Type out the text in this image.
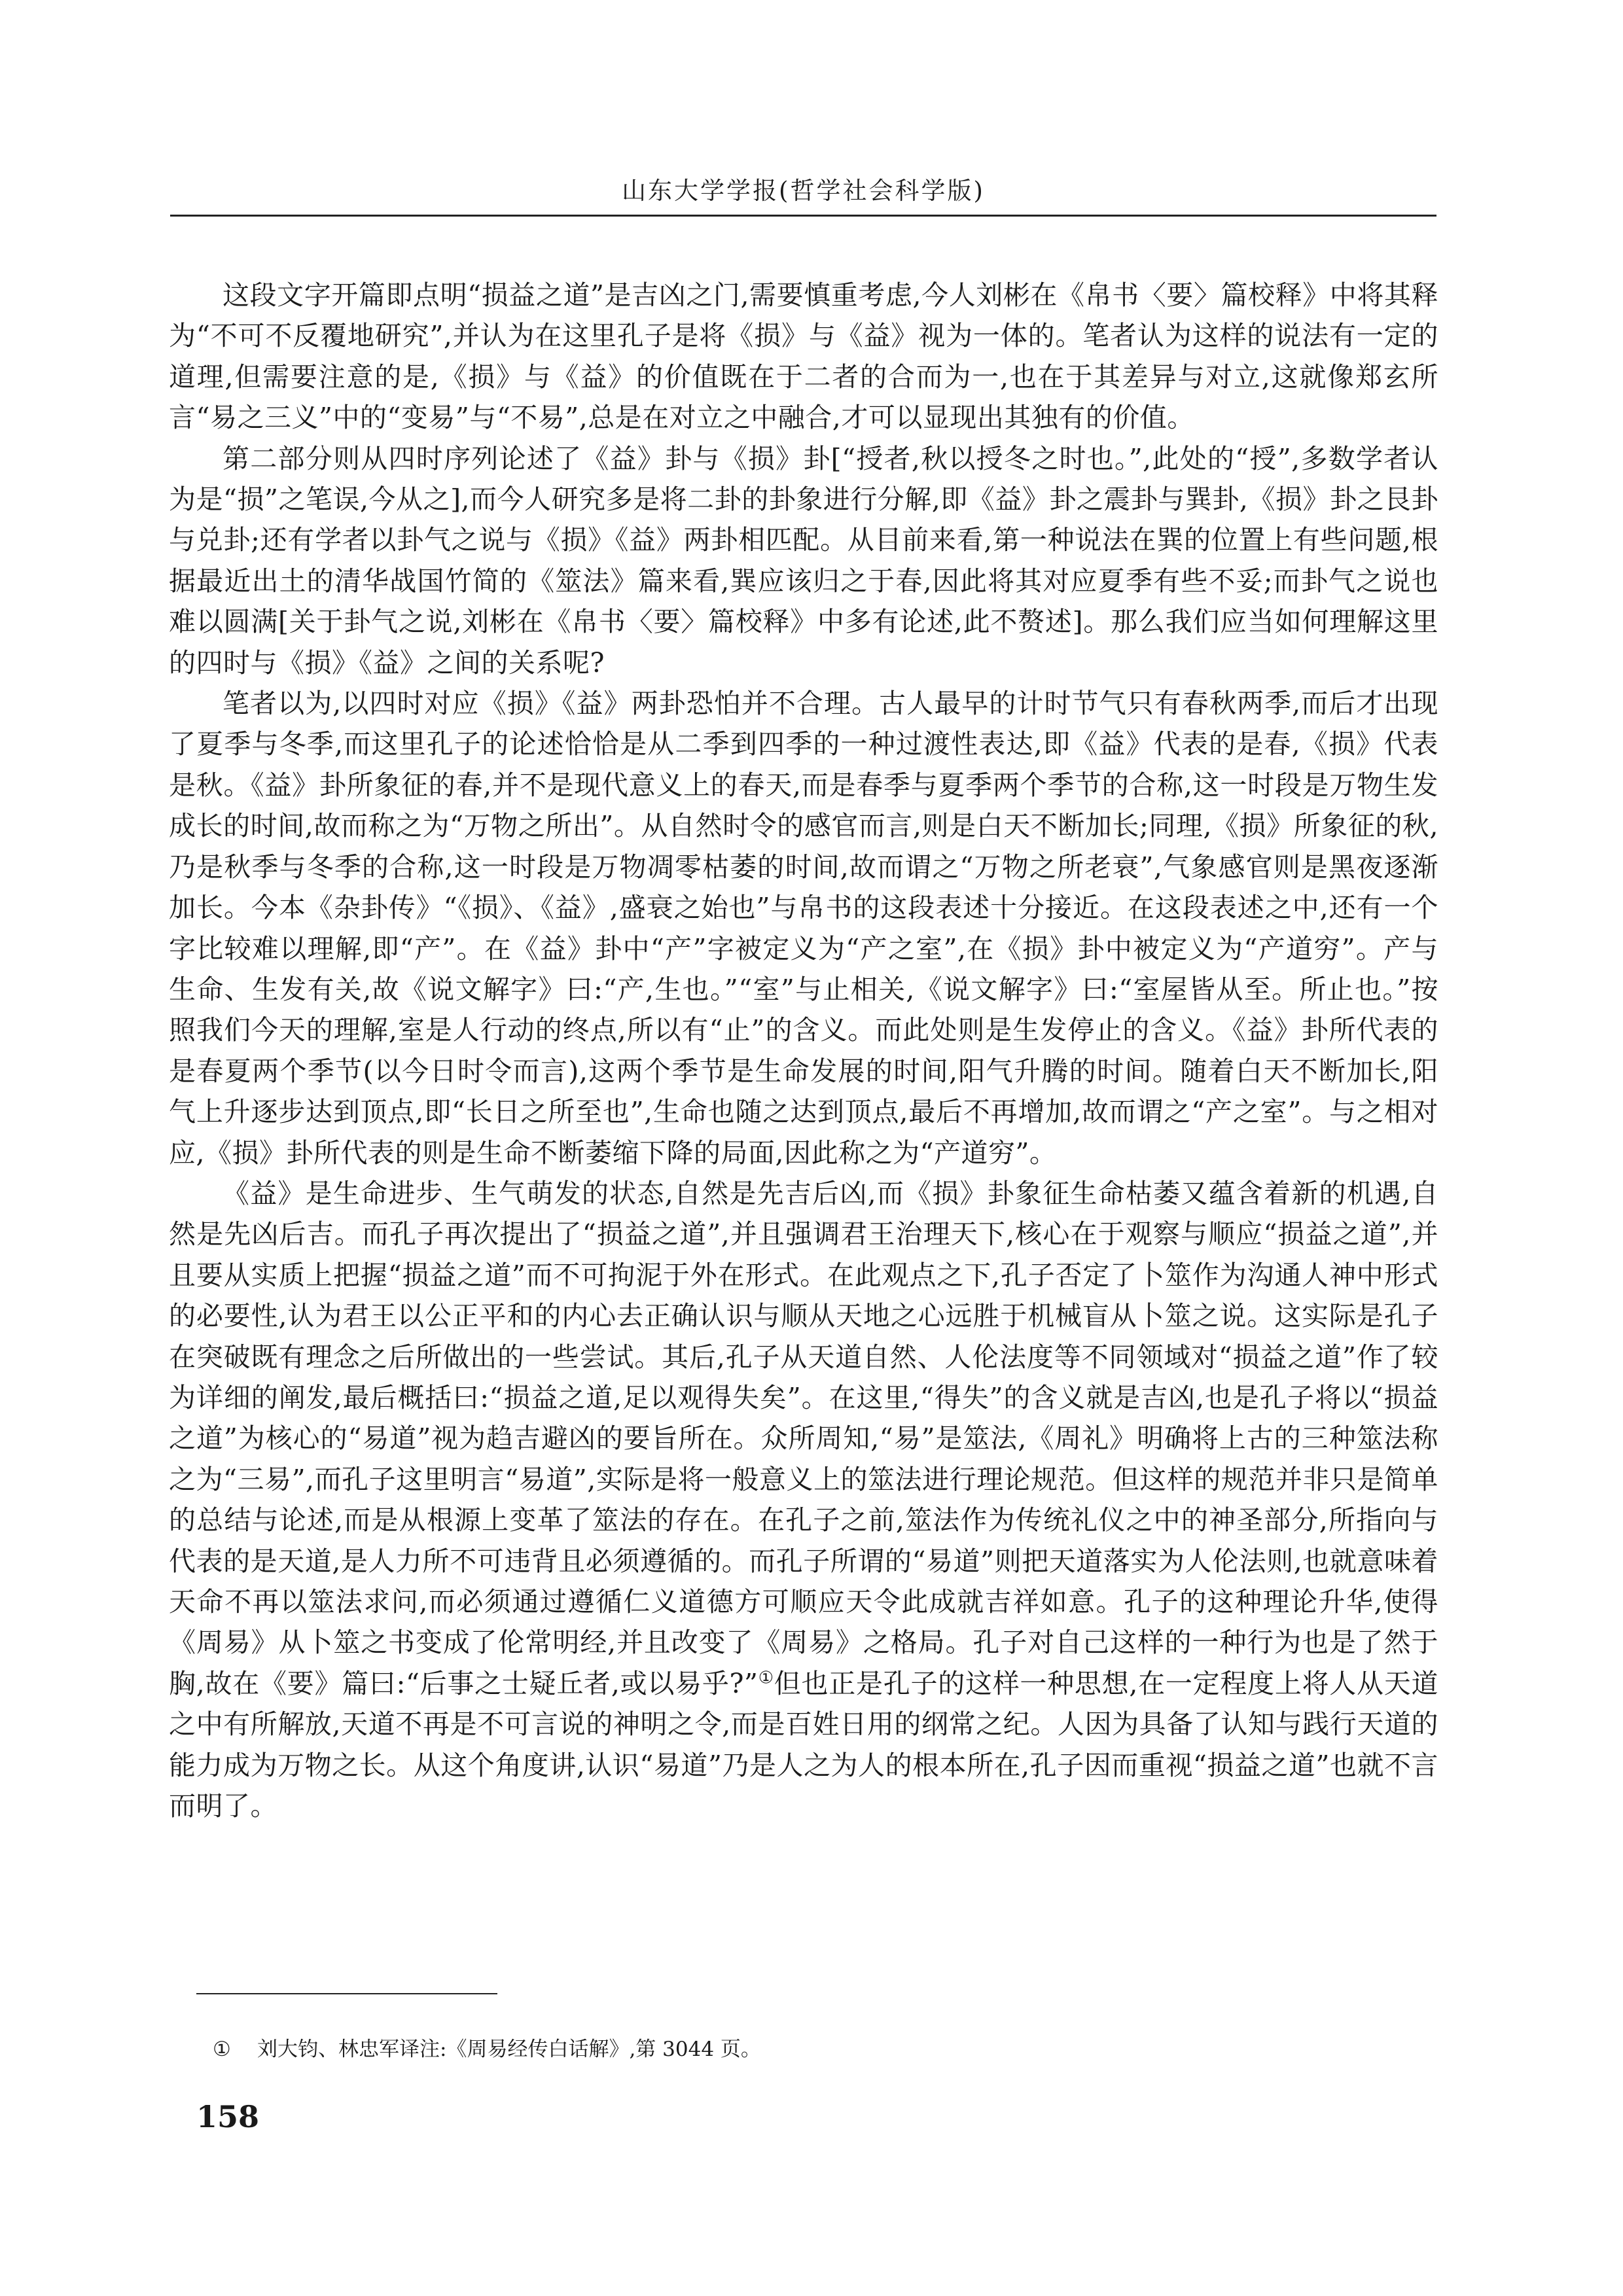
山东大学学报(哲学社会科学版)

这段文字开篇即点明“损益之道”是吉凶之门,需要慎重考虑,今人刘彬在《帛书〈要〉篇校释》中将其释为“不可不反覆地研究”,并认为在这里孔子是将《损》与《益》视为一体的。笔者认为这样的说法有一定的道理,但需要注意的是,《损》与《益》的价值既在于二者的合而为一,也在于其差异与对立,这就像郑玄所言“易之三义”中的“变易”与“不易”,总是在对立之中融合,才可以显现出其独有的价值。

第二部分则从四时序列论述了《益》卦与《损》卦[“授者,秋以授冬之时也。”,此处的“授”,多数学者认为是“损”之笔误,今从之],而今人研究多是将二卦的卦象进行分解,即《益》卦之震卦与巽卦,《损》卦之艮卦与兑卦;还有学者以卦气之说与《损》《益》两卦相匹配。从目前来看,第一种说法在巽的位置上有些问题,根据最近出土的清华战国竹简的《筮法》篇来看,巽应该归之于春,因此将其对应夏季有些不妥;而卦气之说也难以圆满[关于卦气之说,刘彬在《帛书〈要〉篇校释》中多有论述,此不赘述]。那么我们应当如何理解这里的四时与《损》《益》之间的关系呢?

笔者以为,以四时对应《损》《益》两卦恐怕并不合理。古人最早的计时节气只有春秋两季,而后才出现了夏季与冬季,而这里孔子的论述恰恰是从二季到四季的一种过渡性表达,即《益》代表的是春,《损》代表是秋。《益》卦所象征的春,并不是现代意义上的春天,而是春季与夏季两个季节的合称,这一时段是万物生发成长的时间,故而称之为“万物之所出”。从自然时令的感官而言,则是白天不断加长;同理,《损》所象征的秋,乃是秋季与冬季的合称,这一时段是万物凋零枯萎的时间,故而谓之“万物之所老衰”,气象感官则是黑夜逐渐加长。今本《杂卦传》“《损》、《益》,盛衰之始也”与帛书的这段表述十分接近。在这段表述之中,还有一个字比较难以理解,即“产”。在《益》卦中“产”字被定义为“产之室”,在《损》卦中被定义为“产道穷”。产与生命、生发有关,故《说文解字》曰:“产,生也。”“室”与止相关,《说文解字》曰:“室屋皆从至。所止也。”按照我们今天的理解,室是人行动的终点,所以有“止”的含义。而此处则是生发停止的含义。《益》卦所代表的是春夏两个季节(以今日时令而言),这两个季节是生命发展的时间,阳气升腾的时间。随着白天不断加长,阳气上升逐步达到顶点,即“长日之所至也”,生命也随之达到顶点,最后不再增加,故而谓之“产之室”。与之相对应,《损》卦所代表的则是生命不断萎缩下降的局面,因此称之为“产道穷”。

《益》是生命进步、生气萌发的状态,自然是先吉后凶,而《损》卦象征生命枯萎又蕴含着新的机遇,自然是先凶后吉。而孔子再次提出了“损益之道”,并且强调君王治理天下,核心在于观察与顺应“损益之道”,并且要从实质上把握“损益之道”而不可拘泥于外在形式。在此观点之下,孔子否定了卜筮作为沟通人神中形式的必要性,认为君王以公正平和的内心去正确认识与顺从天地之心远胜于机械盲从卜筮之说。这实际是孔子在突破既有理念之后所做出的一些尝试。其后,孔子从天道自然、人伦法度等不同领域对“损益之道”作了较为详细的阐发,最后概括曰:“损益之道,足以观得失矣”。在这里,“得失”的含义就是吉凶,也是孔子将以“损益之道”为核心的“易道”视为趋吉避凶的要旨所在。众所周知,“易”是筮法,《周礼》明确将上古的三种筮法称之为“三易”,而孔子这里明言“易道”,实际是将一般意义上的筮法进行理论规范。但这样的规范并非只是简单的总结与论述,而是从根源上变革了筮法的存在。在孔子之前,筮法作为传统礼仪之中的神圣部分,所指向与代表的是天道,是人力所不可违背且必须遵循的。而孔子所谓的“易道”则把天道落实为人伦法则,也就意味着天命不再以筮法求问,而必须通过遵循仁义道德方可顺应天令此成就吉祥如意。孔子的这种理论升华,使得《周易》从卜筮之书变成了伦常明经,并且改变了《周易》之格局。孔子对自己这样的一种行为也是了然于胸,故在《要》篇曰:“后事之士疑丘者,或以易乎?”①但也正是孔子的这样一种思想,在一定程度上将人从天道之中有所解放,天道不再是不可言说的神明之令,而是百姓日用的纲常之纪。人因为具备了认知与践行天道的能力成为万物之长。从这个角度讲,认识“易道”乃是人之为人的根本所在,孔子因而重视“损益之道”也就不言而明了。

① 刘大钧、林忠军译注:《周易经传白话解》,第 3044 页。
158
